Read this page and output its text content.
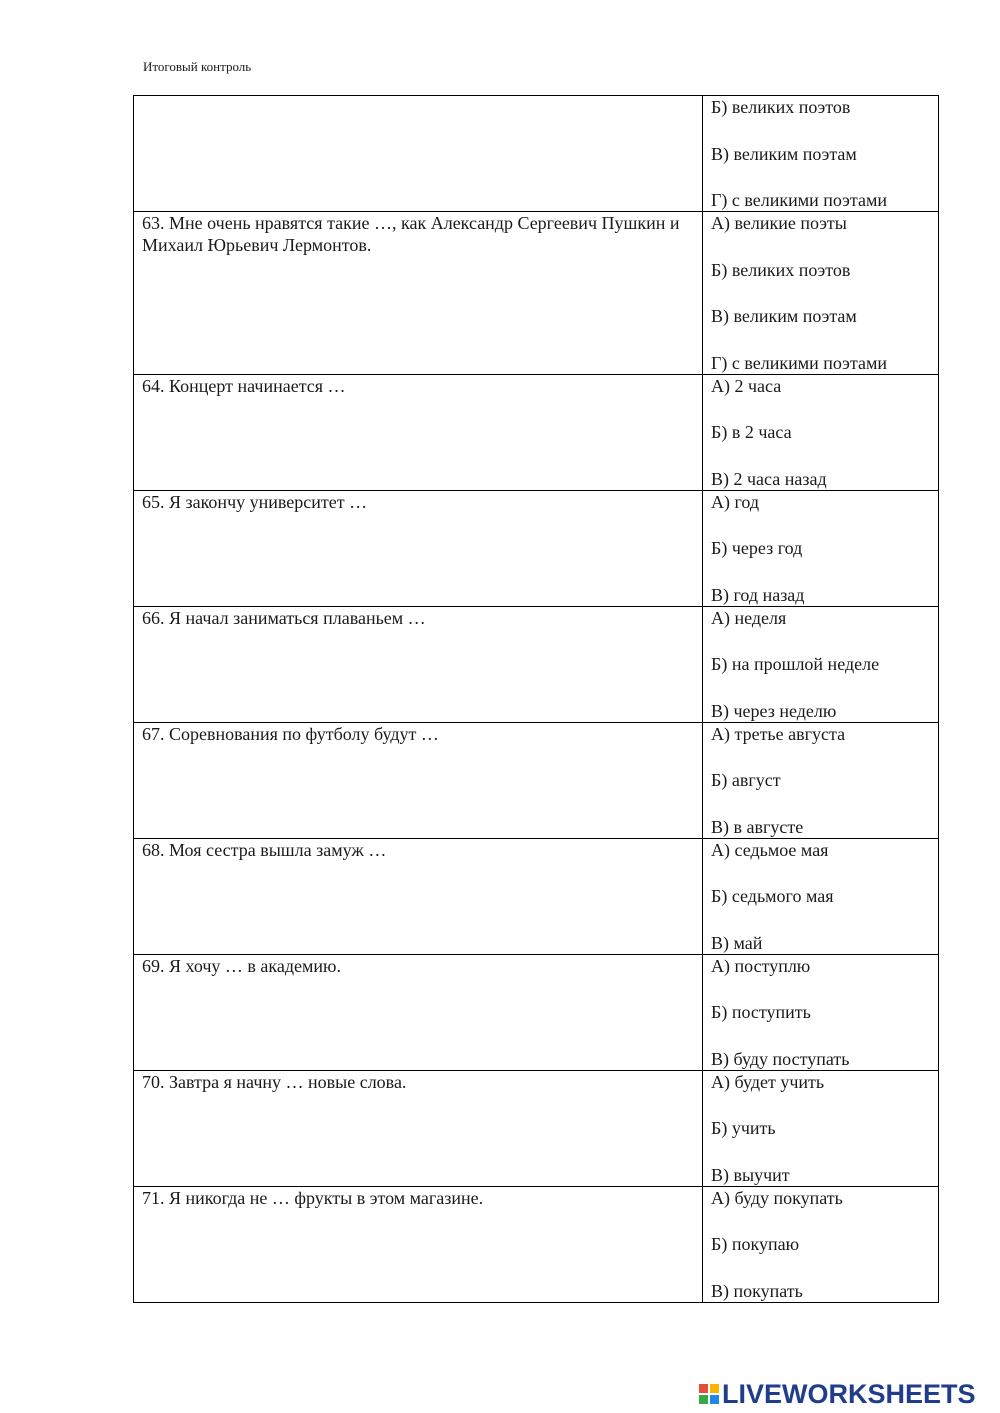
Итоговый контроль

	Б) великих поэтов
В) великим поэтам
Г) с великими поэтами

63. Мне очень нравятся такие …, как Александр Сергеевич Пушкин и Михаил Юрьевич Лермонтов.	А) великие поэты
Б) великих поэтов
В) великим поэтам
Г) с великими поэтами

64. Концерт начинается …	А) 2 часа
Б) в 2 часа
В) 2 часа назад

65. Я закончу университет …	А) год
Б) через год
В) год назад

66. Я начал заниматься плаваньем …	А) неделя
Б) на прошлой неделе
В) через неделю

67. Соревнования по футболу будут …	А) третье августа
Б) август
В) в августе

68. Моя сестра вышла замуж …	А) седьмое мая
Б) седьмого мая
В) май

69. Я хочу … в академию.	А) поступлю
Б) поступить
В) буду поступать

70. Завтра я начну … новые слова.	А) будет учить
Б) учить
В) выучит

71. Я никогда не … фрукты в этом магазине.	А) буду покупать
Б) покупаю
В) покупать
LIVEWORKSHEETS
